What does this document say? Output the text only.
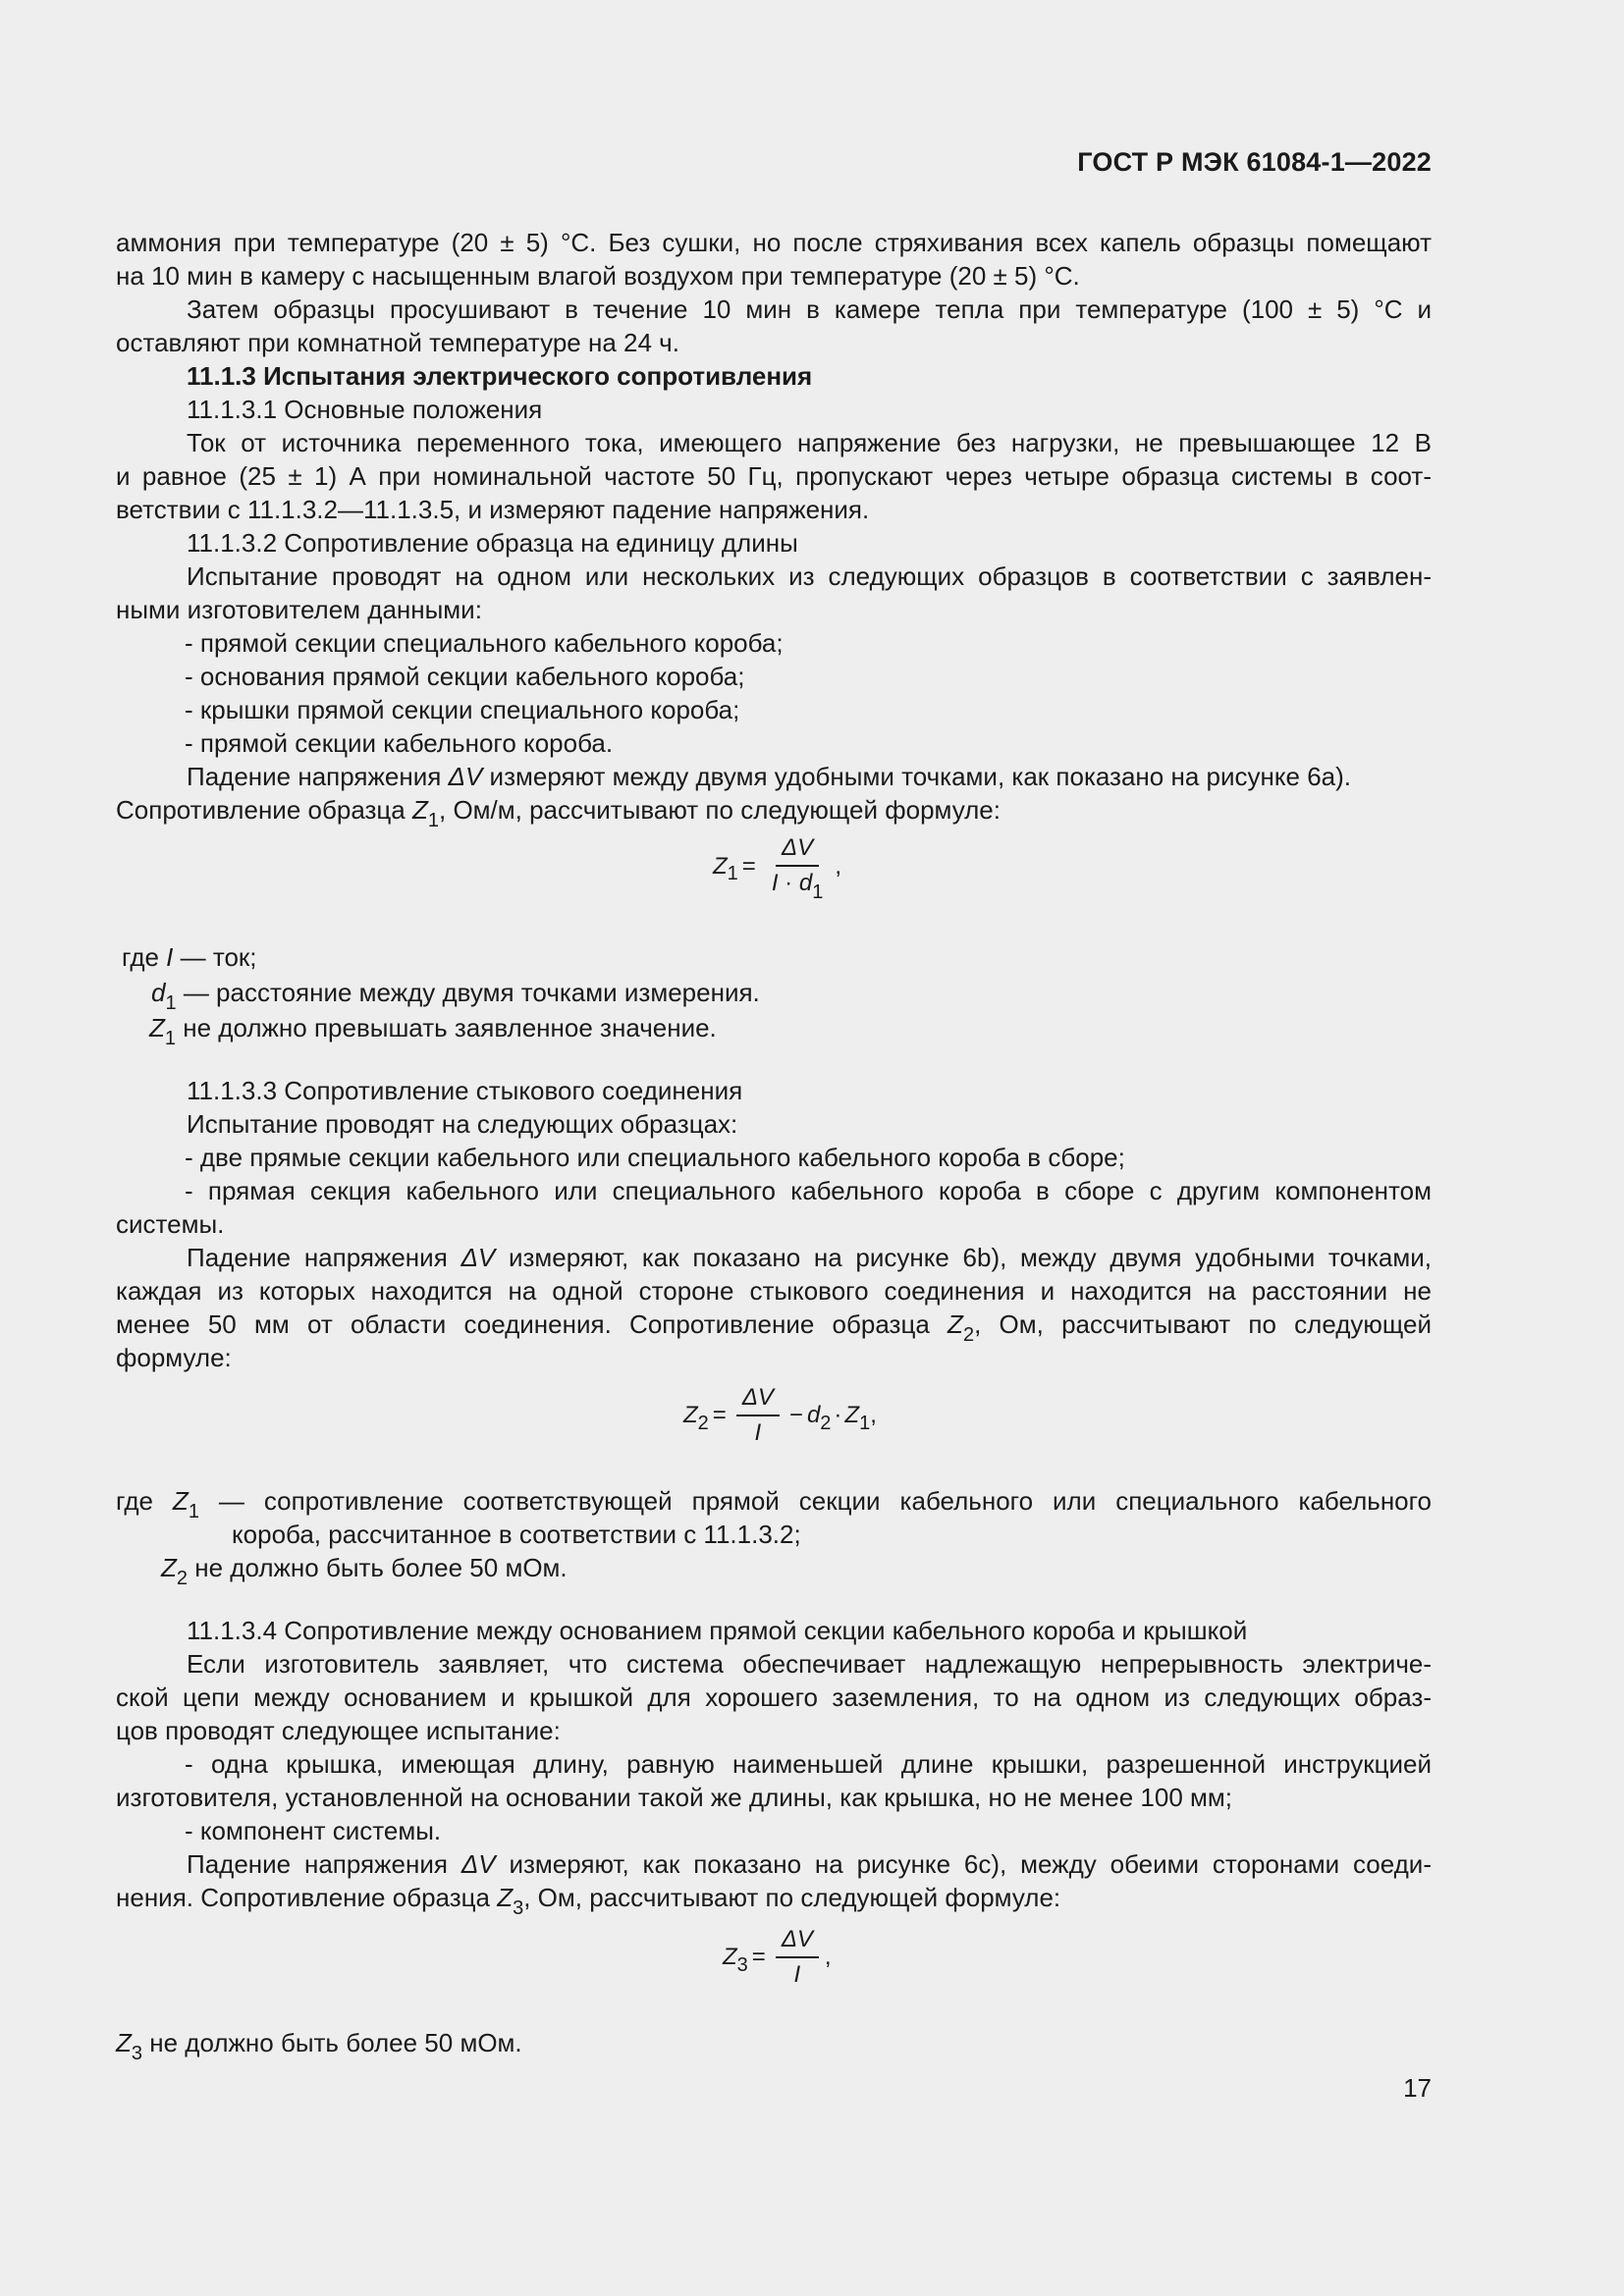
ГОСТ Р МЭК 61084-1—2022
аммония при температуре (20 ± 5) °C. Без сушки, но после стряхивания всех капель образцы помещают
на 10 мин в камеру с насыщенным влагой воздухом при температуре (20 ± 5) °C.
Затем образцы просушивают в течение 10 мин в камере тепла при температуре (100 ± 5) °C и
оставляют при комнатной температуре на 24 ч.
11.1.3 Испытания электрического сопротивления
11.1.3.1 Основные положения
Ток от источника переменного тока, имеющего напряжение без нагрузки, не превышающее 12 В
и равное (25 ± 1) А при номинальной частоте 50 Гц, пропускают через четыре образца системы в соот-
ветствии с 11.1.3.2—11.1.3.5, и измеряют падение напряжения.
11.1.3.2 Сопротивление образца на единицу длины
Испытание проводят на одном или нескольких из следующих образцов в соответствии с заявлен-
ными изготовителем данными:
- прямой секции специального кабельного короба;
- основания прямой секции кабельного короба;
- крышки прямой секции специального короба;
- прямой секции кабельного короба.
Падение напряжения ΔV измеряют между двумя удобными точками, как показано на рисунке 6а).
Сопротивление образца $Z_1$, Ом/м, рассчитывают по следующей формуле:
Z $1 = \frac{\Delta V}{I \cdot d_1}$ ,
где I — ток;
$d_1$ — расстояние между двумя точками измерения.
$Z_1$ не должно превышать заявленное значение.
11.1.3.3 Сопротивление стыкового соединения
Испытание проводят на следующих образцах:
- две прямые секции кабельного или специального кабельного короба в сборе;
- прямая секция кабельного или специального кабельного короба в сборе с другим компонентом
системы.
Падение напряжения ΔV измеряют, как показано на рисунке 6b), между двумя удобными точками,
каждая из которых находится на одной стороне стыкового соединения и находится на расстоянии не
менее 50 мм от области соединения. Сопротивление образца $Z_2$, Ом, рассчитывают по следующей
формуле:
Z $2 = \frac{\Delta V}{I} - d$ 2 · Z 1 ,
где $Z_1$ — сопротивление соответствующей прямой секции кабельного или специального кабельного
короба, рассчитанное в соответствии с 11.1.3.2;
$Z_2$ не должно быть более 50 мОм.
11.1.3.4 Сопротивление между основанием прямой секции кабельного короба и крышкой
Если изготовитель заявляет, что система обеспечивает надлежащую непрерывность электриче-
ской цепи между основанием и крышкой для хорошего заземления, то на одном из следующих образ-
цов проводят следующее испытание:
- одна крышка, имеющая длину, равную наименьшей длине крышки, разрешенной инструкцией
изготовителя, установленной на основании такой же длины, как крышка, но не менее 100 мм;
- компонент системы.
Падение напряжения ΔV измеряют, как показано на рисунке 6с), между обеими сторонами соеди-
нения. Сопротивление образца $Z_3$, Ом, рассчитывают по следующей формуле:
Z $3 = \frac{\Delta V}{I}$ ,
$Z_3$ не должно быть более 50 мОм.
17
